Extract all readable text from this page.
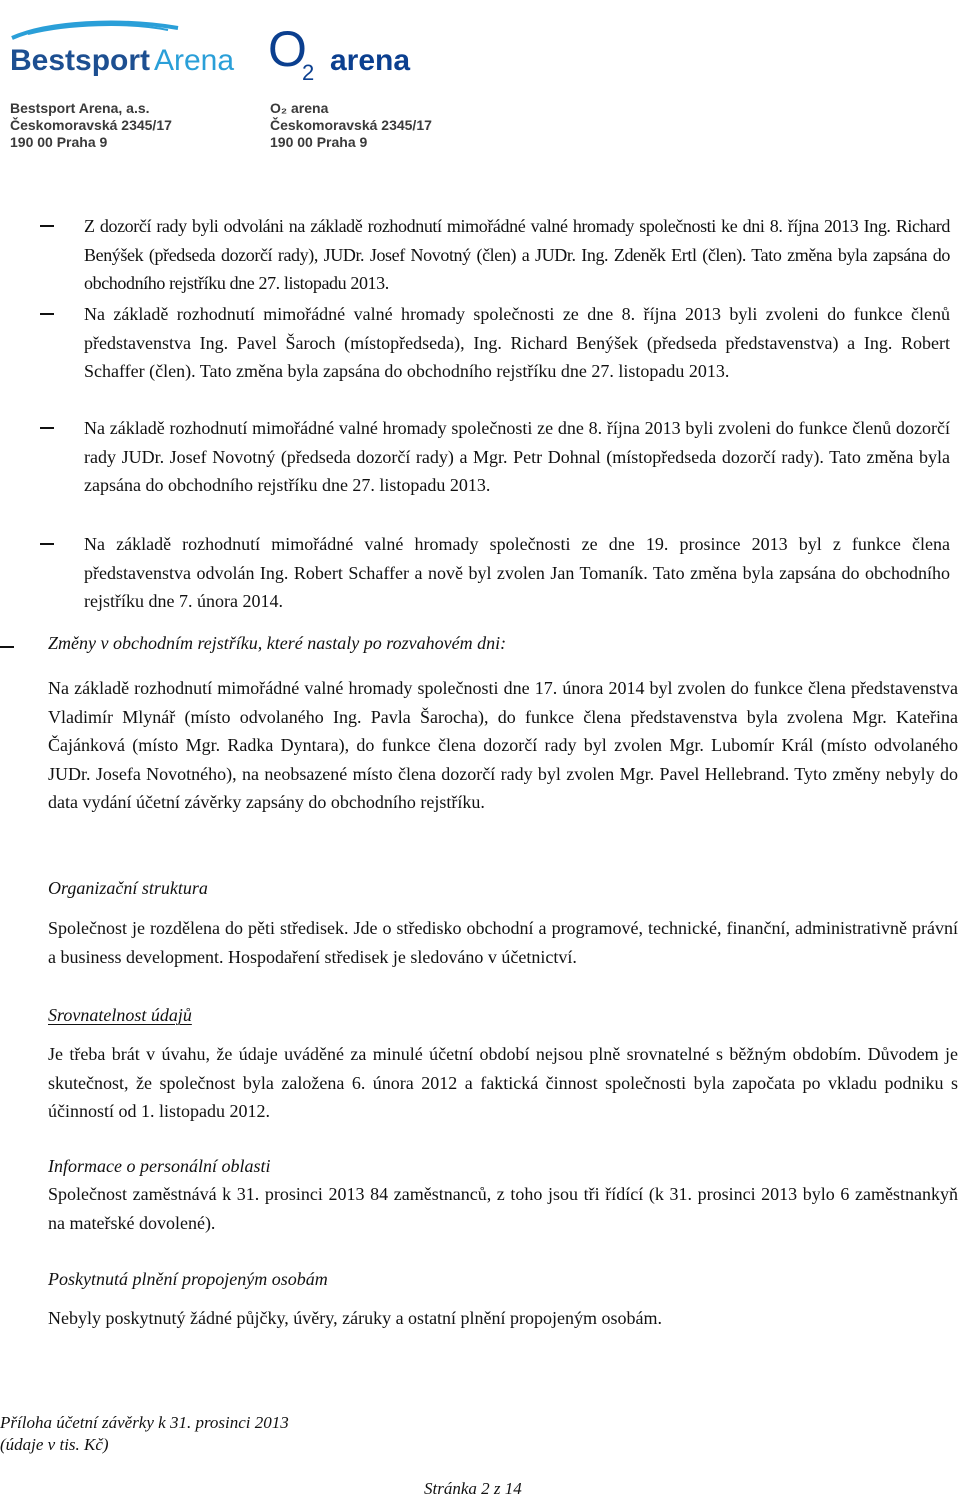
Bestsport Arena O
2 arena
Bestsport Arena, a.s.
Českomoravská 2345/17
190 00 Praha 9
O₂ arena
Českomoravská 2345/17
190 00 Praha 9
Z dozorčí rady byli odvoláni na základě rozhodnutí mimořádné valné hromady společnosti ke dni 8. října 2013 Ing. Richard Benýšek (předseda dozorčí rady), JUDr. Josef Novotný (člen) a JUDr. Ing. Zdeněk Ertl (člen). Tato změna byla zapsána do obchodního rejstříku dne 27. listopadu 2013.
Na základě rozhodnutí mimořádné valné hromady společnosti ze dne 8. října 2013 byli zvoleni do funkce členů představenstva Ing. Pavel Šaroch (místopředseda), Ing. Richard Benýšek (předseda představenstva) a Ing. Robert Schaffer (člen). Tato změna byla zapsána do obchodního rejstříku dne 27. listopadu 2013.
Na základě rozhodnutí mimořádné valné hromady společnosti ze dne 8. října 2013 byli zvoleni do funkce členů dozorčí rady JUDr. Josef Novotný (předseda dozorčí rady) a Mgr. Petr Dohnal (místopředseda dozorčí rady). Tato změna byla zapsána do obchodního rejstříku dne 27. listopadu 2013.
Na základě rozhodnutí mimořádné valné hromady společnosti ze dne 19. prosince 2013 byl z funkce člena představenstva odvolán Ing. Robert Schaffer a nově byl zvolen Jan Tomaník. Tato změna byla zapsána do obchodního rejstříku dne 7. února 2014.
Změny v obchodním rejstříku, které nastaly po rozvahovém dni:
Na základě rozhodnutí mimořádné valné hromady společnosti dne 17. února 2014 byl zvolen do funkce člena představenstva Vladimír Mlynář (místo odvolaného Ing. Pavla Šarocha), do funkce člena představenstva byla zvolena Mgr. Kateřina Čajánková (místo Mgr. Radka Dyntara), do funkce člena dozorčí rady byl zvolen Mgr. Lubomír Král (místo odvolaného JUDr. Josefa Novotného), na neobsazené místo člena dozorčí rady byl zvolen Mgr. Pavel Hellebrand. Tyto změny nebyly do data vydání účetní závěrky zapsány do obchodního rejstříku.
Organizační struktura
Společnost je rozdělena do pěti středisek. Jde o středisko obchodní a programové, technické, finanční, administrativně právní a business development. Hospodaření středisek je sledováno v účetnictví.
Srovnatelnost údajů
Je třeba brát v úvahu, že údaje uváděné za minulé účetní období nejsou plně srovnatelné s běžným obdobím. Důvodem je skutečnost, že společnost byla založena 6. února 2012 a faktická činnost společnosti byla započata po vkladu podniku s účinností od 1. listopadu 2012.
Informace o personální oblasti
Společnost zaměstnává k 31. prosinci 2013 84 zaměstnanců, z toho jsou tři řídící (k 31. prosinci 2013 bylo 6 zaměstnankyň na mateřské dovolené).
Poskytnutá plnění propojeným osobám
Nebyly poskytnutý žádné půjčky, úvěry, záruky a ostatní plnění propojeným osobám.
Příloha účetní závěrky k 31. prosinci 2013
(údaje v tis. Kč)
Stránka 2 z 14
